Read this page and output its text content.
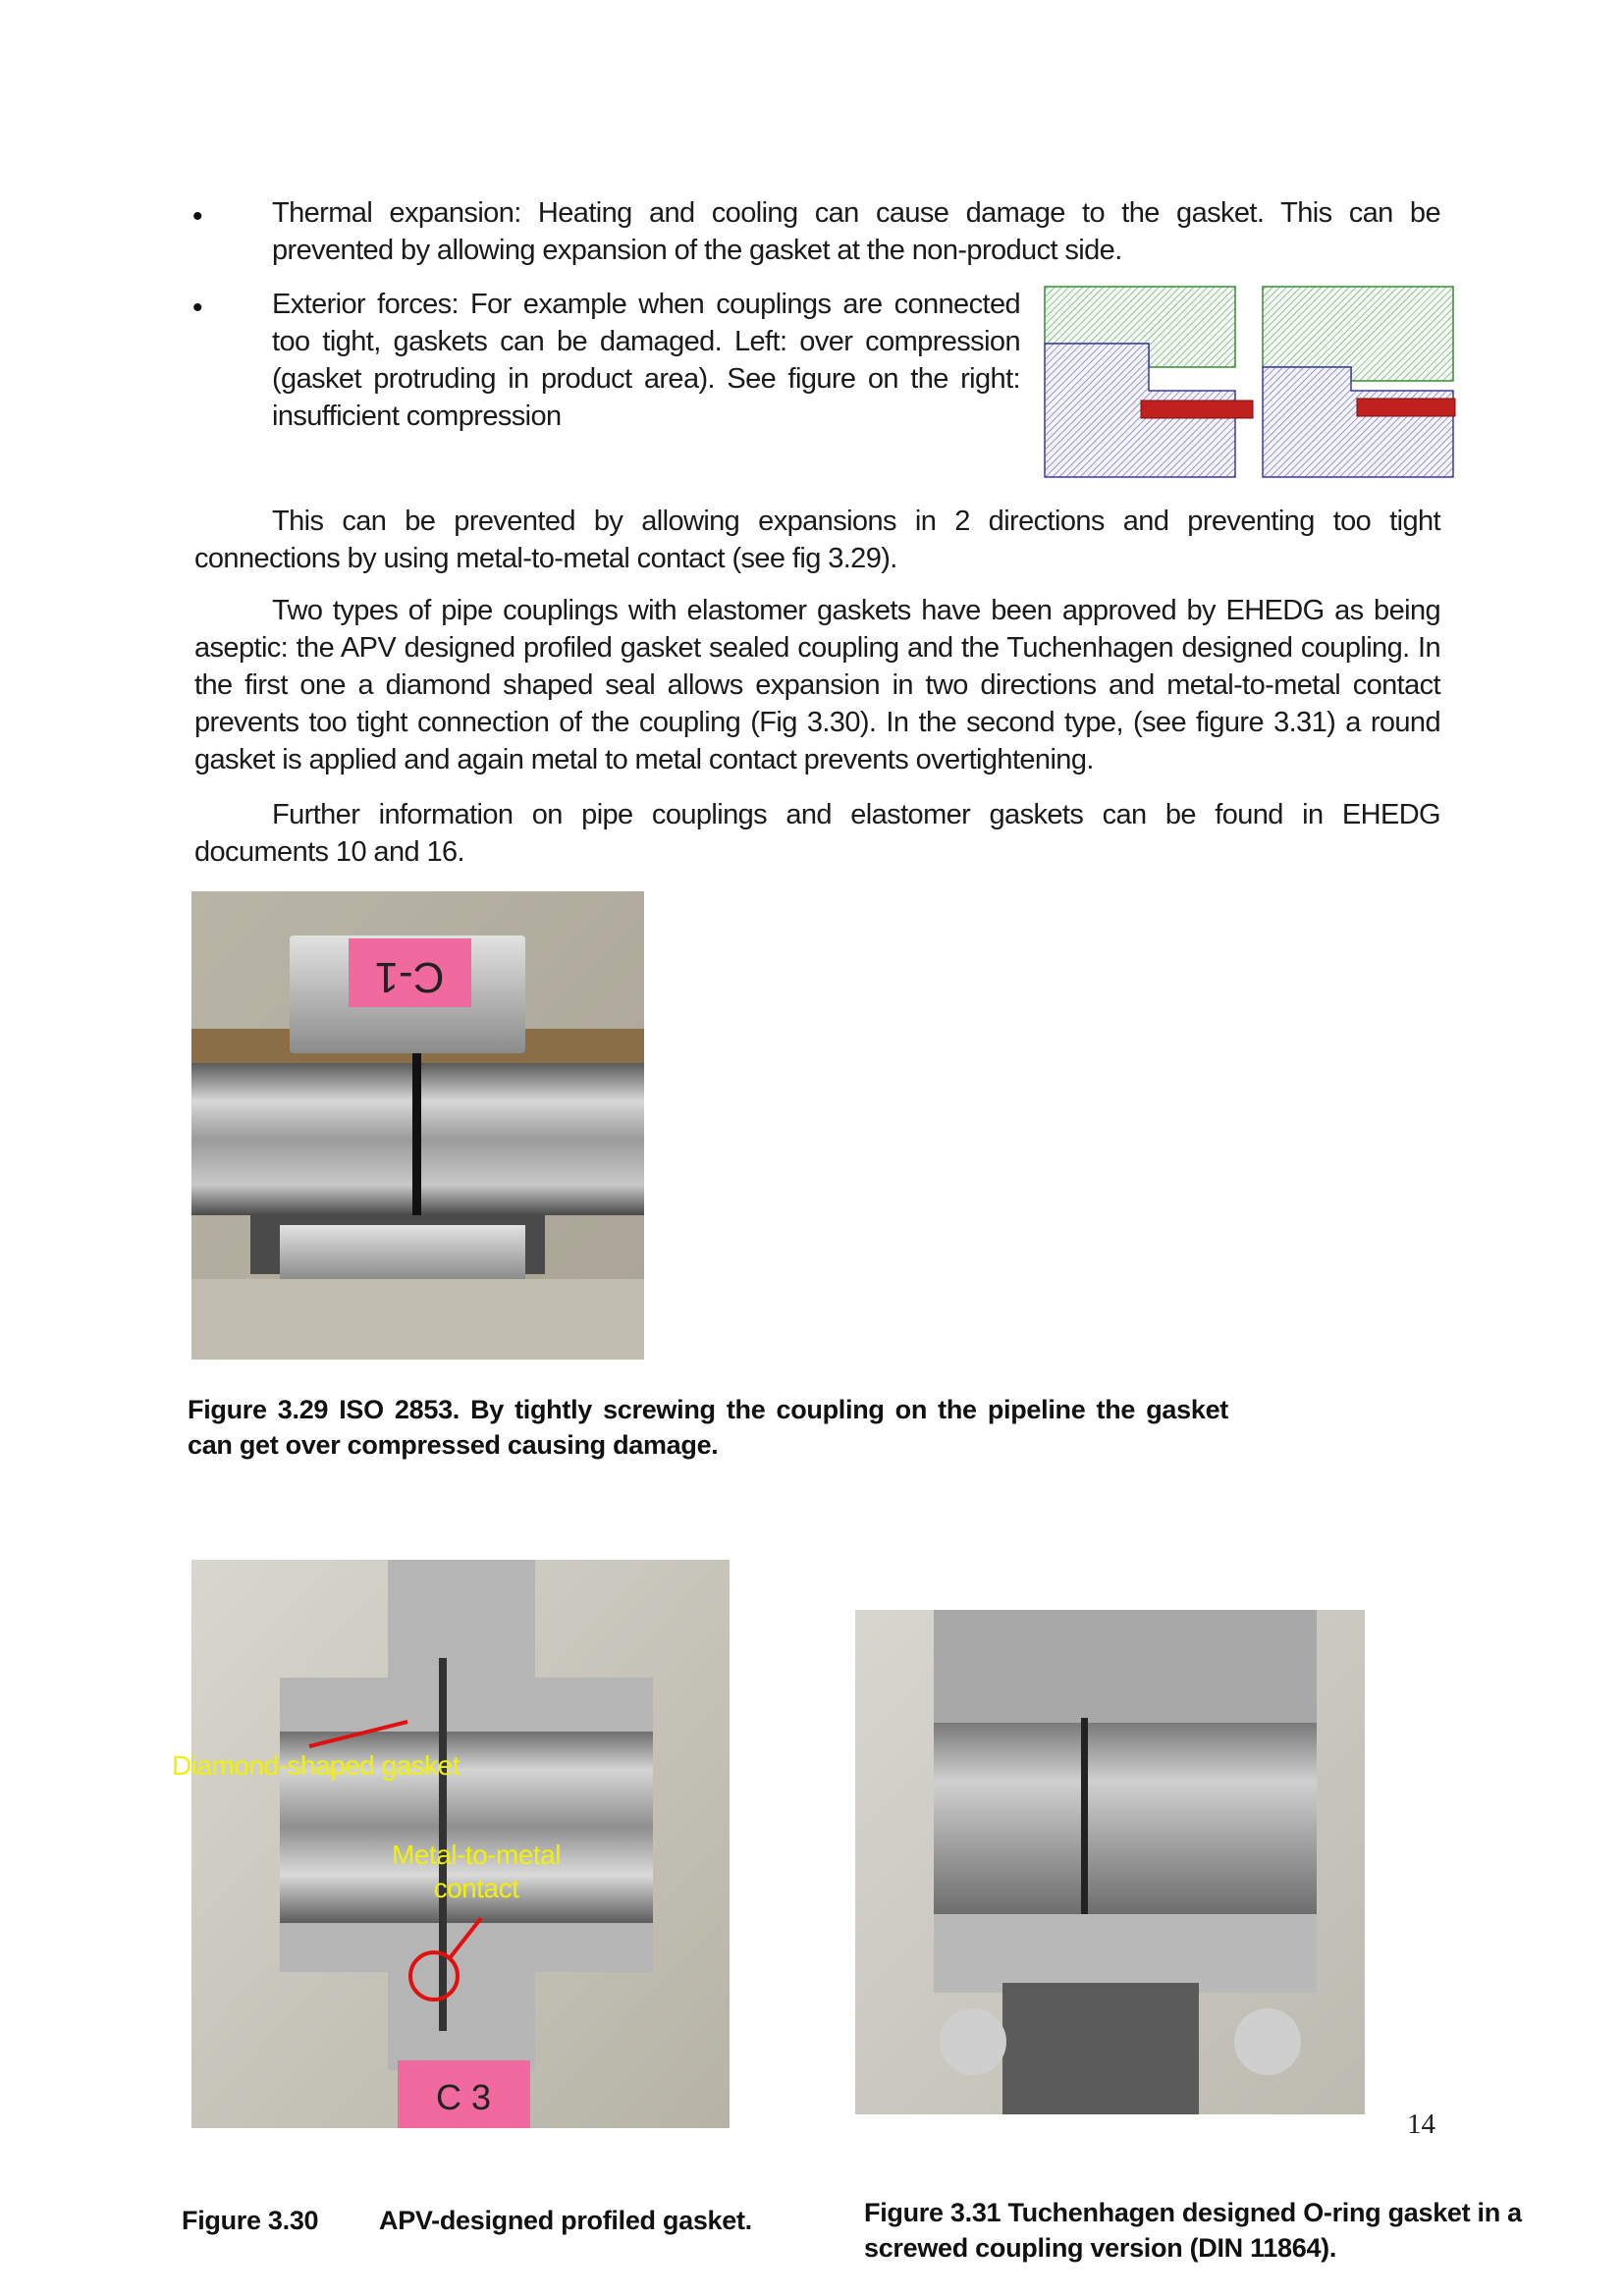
• Thermal expansion: Heating and cooling can cause damage to the gasket. This can be prevented by allowing expansion of the gasket at the non-product side.
• Exterior forces: For example when couplings are connected too tight, gaskets can be damaged. Left: over compression (gasket protruding in product area). See figure on the right: insufficient compression
This can be prevented by allowing expansions in 2 directions and preventing too tight connections by using metal-to-metal contact (see fig 3.29).
Two types of pipe couplings with elastomer gaskets have been approved by EHEDG as being aseptic: the APV designed profiled gasket sealed coupling and the Tuchenhagen designed coupling. In the first one a diamond shaped seal allows expansion in two directions and metal-to-metal contact prevents too tight connection of the coupling (Fig 3.30). In the second type, (see figure 3.31) a round gasket is applied and again metal to metal contact prevents overtightening.
Further information on pipe couplings and elastomer gaskets can be found in EHEDG documents 10 and 16.
C-1
Figure 3.29 ISO 2853. By tightly screwing the coupling on the pipeline the gasket can get over compressed causing damage.
C 3
Diamond-shaped gasket
Metal-to-metal contact
14
Figure 3.30 APV-designed profiled gasket.	Figure 3.31 Tuchenhagen designed O-ring gasket in a screwed coupling version (DIN 11864).
